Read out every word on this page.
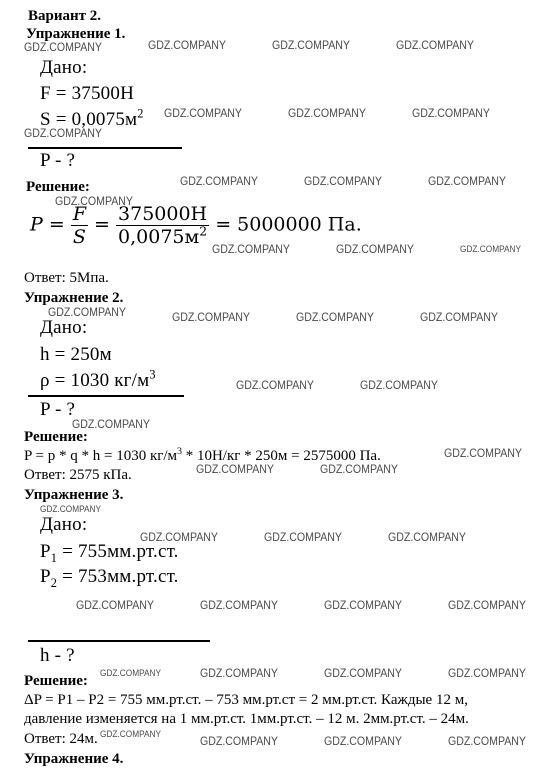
Вариант 2.
Упражнение 1.
Дано:
F = 37500H
$S = 0,0075м^2$
P - ?
Решение:
$P = \frac{F}{S} = \frac{375000H}{0,0075м^2} = 5000000$ Па.
Ответ: 5Мпа.
Упражнение 2.
Дано:
h = 250м
ρ = 1030 $кг/м^3$
P - ?
Решение:
P = p * q * h = 1030 $кг/м^3 * 10Н/кг * 250м = 2575000$ Па.
Ответ: 2575 кПа.
Упражнение 3.
Дано:
$P_1 = 755мм.рт.ст$.
$P_2 = 753мм.рт.ст$.
h - ?
Решение:
ΔP = P1 – P2 = 755 мм.рт.ст. – 753 мм.рт.ст = 2 мм.рт.ст. Каждые 12 м,
давление изменяется на 1 мм.рт.ст. 1мм.рт.ст. – 12 м. 2мм.рт.ст. – 24м.
Ответ: 24м.
Упражнение 4.
GDZ.COMPANY	GDZ.COMPANY	GDZ.COMPANY	GDZ.COMPANY
GDZ.COMPANY	GDZ.COMPANY	GDZ.COMPANY
GDZ.COMPANY
GDZ.COMPANY	GDZ.COMPANY	GDZ.COMPANY
GDZ.COMPANY
GDZ.COMPANY	GDZ.COMPANY	GDZ.COMPANY
GDZ.COMPANY	GDZ.COMPANY	GDZ.COMPANY	GDZ.COMPANY
GDZ.COMPANY	GDZ.COMPANY
GDZ.COMPANY
GDZ.COMPANY
GDZ.COMPANY	GDZ.COMPANY
GDZ.COMPANY
GDZ.COMPANY	GDZ.COMPANY	GDZ.COMPANY
GDZ.COMPANY	GDZ.COMPANY	GDZ.COMPANY	GDZ.COMPANY
GDZ.COMPANY	GDZ.COMPANY	GDZ.COMPANY	GDZ.COMPANY
GDZ.COMPANY
GDZ.COMPANY	GDZ.COMPANY	GDZ.COMPANY
